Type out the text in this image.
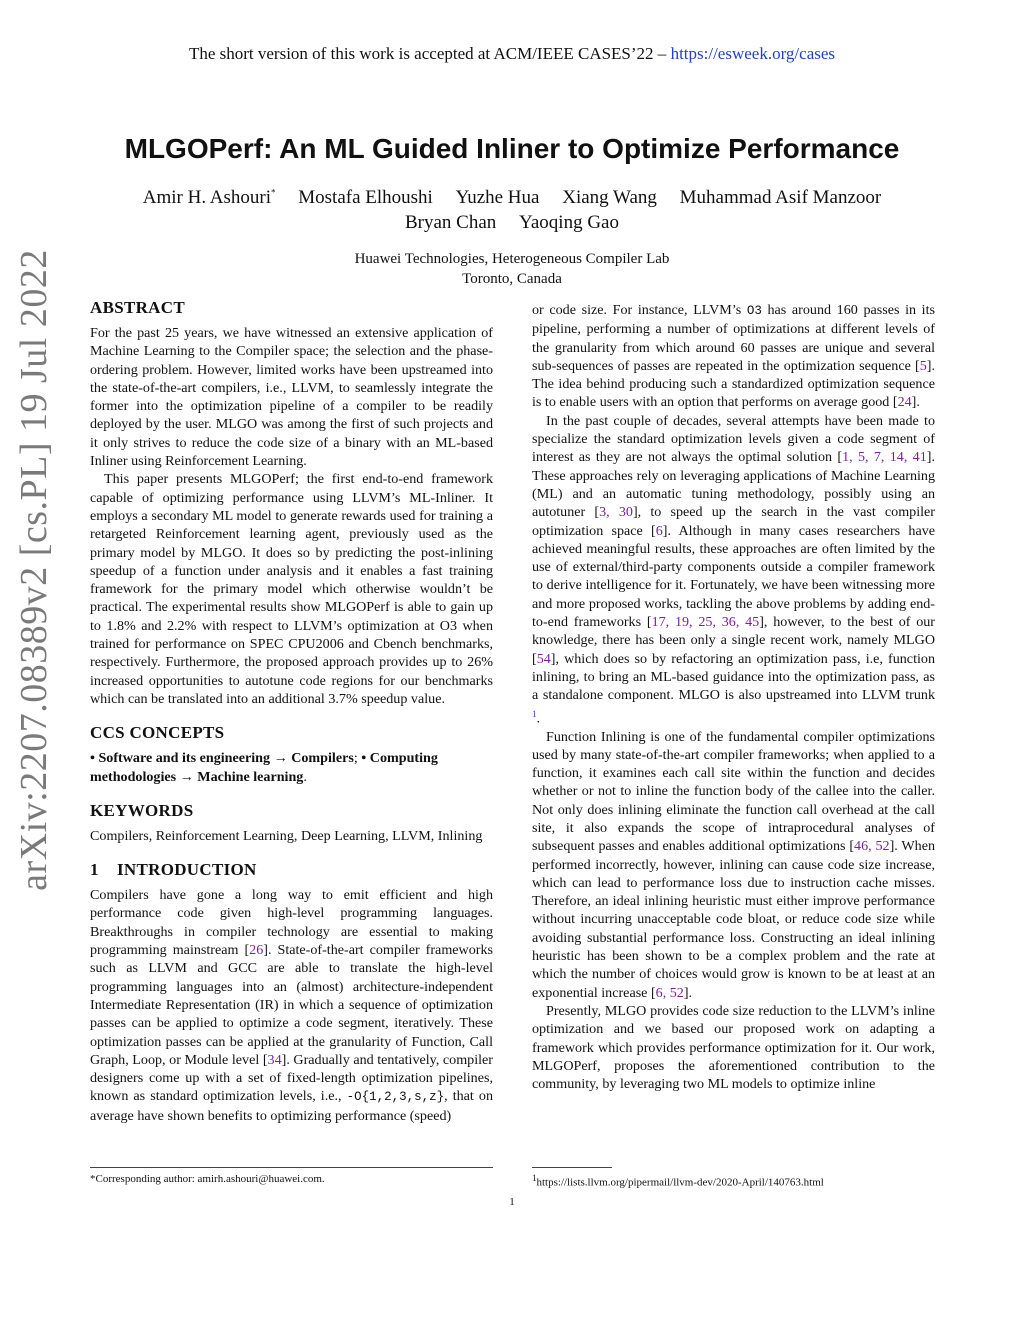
The short version of this work is accepted at ACM/IEEE CASES’22 – https://esweek.org/cases
arXiv:2207.08389v2 [cs.PL] 19 Jul 2022
MLGOPerf: An ML Guided Inliner to Optimize Performance
Amir H. Ashouri* Mostafa Elhoushi Yuzhe Hua Xiang Wang Muhammad Asif Manzoor
Bryan Chan Yaoqing Gao
Huawei Technologies, Heterogeneous Compiler Lab
Toronto, Canada
ABSTRACT

For the past 25 years, we have witnessed an extensive application of Machine Learning to the Compiler space; the selection and the phase-ordering problem. However, limited works have been upstreamed into the state-of-the-art compilers, i.e., LLVM, to seamlessly integrate the former into the optimization pipeline of a compiler to be readily deployed by the user. MLGO was among the first of such projects and it only strives to reduce the code size of a binary with an ML-based Inliner using Reinforcement Learning.

This paper presents MLGOPerf; the first end-to-end framework capable of optimizing performance using LLVM’s ML-Inliner. It employs a secondary ML model to generate rewards used for training a retargeted Reinforcement learning agent, previously used as the primary model by MLGO. It does so by predicting the post-inlining speedup of a function under analysis and it enables a fast training framework for the primary model which otherwise wouldn’t be practical. The experimental results show MLGOPerf is able to gain up to 1.8% and 2.2% with respect to LLVM’s optimization at O3 when trained for performance on SPEC CPU2006 and Cbench benchmarks, respectively. Furthermore, the proposed approach provides up to 26% increased opportunities to autotune code regions for our benchmarks which can be translated into an additional 3.7% speedup value.

CCS CONCEPTS

• Software and its engineering → Compilers; • Computing methodologies → Machine learning.

KEYWORDS

Compilers, Reinforcement Learning, Deep Learning, LLVM, Inlining

1    INTRODUCTION

Compilers have gone a long way to emit efficient and high performance code given high-level programming languages. Breakthroughs in compiler technology are essential to making programming mainstream [26]. State-of-the-art compiler frameworks such as LLVM and GCC are able to translate the high-level programming languages into an (almost) architecture-independent Intermediate Representation (IR) in which a sequence of optimization passes can be applied to optimize a code segment, iteratively. These optimization passes can be applied at the granularity of Function, Call Graph, Loop, or Module level [34]. Gradually and tentatively, compiler designers come up with a set of fixed-length optimization pipelines, known as standard optimization levels, i.e., -O{1,2,3,s,z}, that on average have shown benefits to optimizing performance (speed)

or code size. For instance, LLVM’s O3 has around 160 passes in its pipeline, performing a number of optimizations at different levels of the granularity from which around 60 passes are unique and several sub-sequences of passes are repeated in the optimization sequence [5]. The idea behind producing such a standardized optimization sequence is to enable users with an option that performs on average good [24].

In the past couple of decades, several attempts have been made to specialize the standard optimization levels given a code segment of interest as they are not always the optimal solution [1, 5, 7, 14, 41]. These approaches rely on leveraging applications of Machine Learning (ML) and an automatic tuning methodology, possibly using an autotuner [3, 30], to speed up the search in the vast compiler optimization space [6]. Although in many cases researchers have achieved meaningful results, these approaches are often limited by the use of external/third-party components outside a compiler framework to derive intelligence for it. Fortunately, we have been witnessing more and more proposed works, tackling the above problems by adding end-to-end frameworks [17, 19, 25, 36, 45], however, to the best of our knowledge, there has been only a single recent work, namely MLGO [54], which does so by refactoring an optimization pass, i.e, function inlining, to bring an ML-based guidance into the optimization pass, as a standalone component. MLGO is also upstreamed into LLVM trunk $^1$.

Function Inlining is one of the fundamental compiler optimizations used by many state-of-the-art compiler frameworks; when applied to a function, it examines each call site within the function and decides whether or not to inline the function body of the callee into the caller. Not only does inlining eliminate the function call overhead at the call site, it also expands the scope of intraprocedural analyses of subsequent passes and enables additional optimizations [46, 52]. When performed incorrectly, however, inlining can cause code size increase, which can lead to performance loss due to instruction cache misses. Therefore, an ideal inlining heuristic must either improve performance without incurring unacceptable code bloat, or reduce code size while avoiding substantial performance loss. Constructing an ideal inlining heuristic has been shown to be a complex problem and the rate at which the number of choices would grow is known to be at least at an exponential increase [6, 52].

Presently, MLGO provides code size reduction to the LLVM’s inline optimization and we based our proposed work on adapting a framework which provides performance optimization for it. Our work, MLGOPerf, proposes the aforementioned contribution to the community, by leveraging two ML models to optimize inline

*Corresponding author: amirh.ashouri@huawei.com.	$^1$https://lists.llvm.org/pipermail/llvm-dev/2020-April/140763.html
1
